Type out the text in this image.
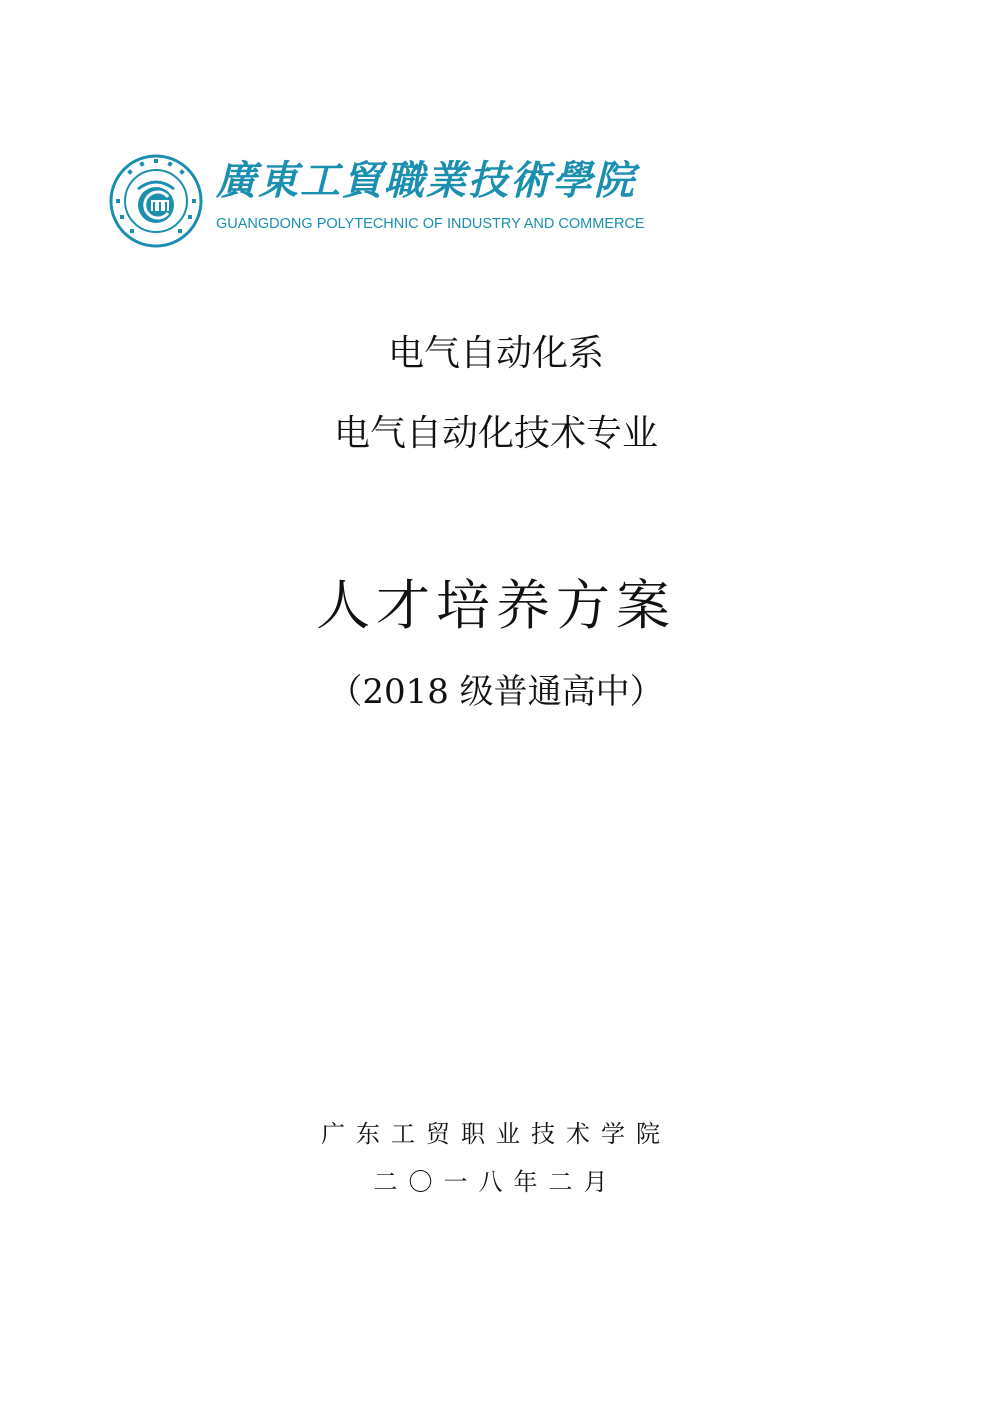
廣東工貿職業技術學院
GUANGDONG POLYTECHNIC OF INDUSTRY AND COMMERCE
电气自动化系
电气自动化技术专业
人才培养方案
（2018 级普通高中）
广东工贸职业技术学院
二〇一八年二月
